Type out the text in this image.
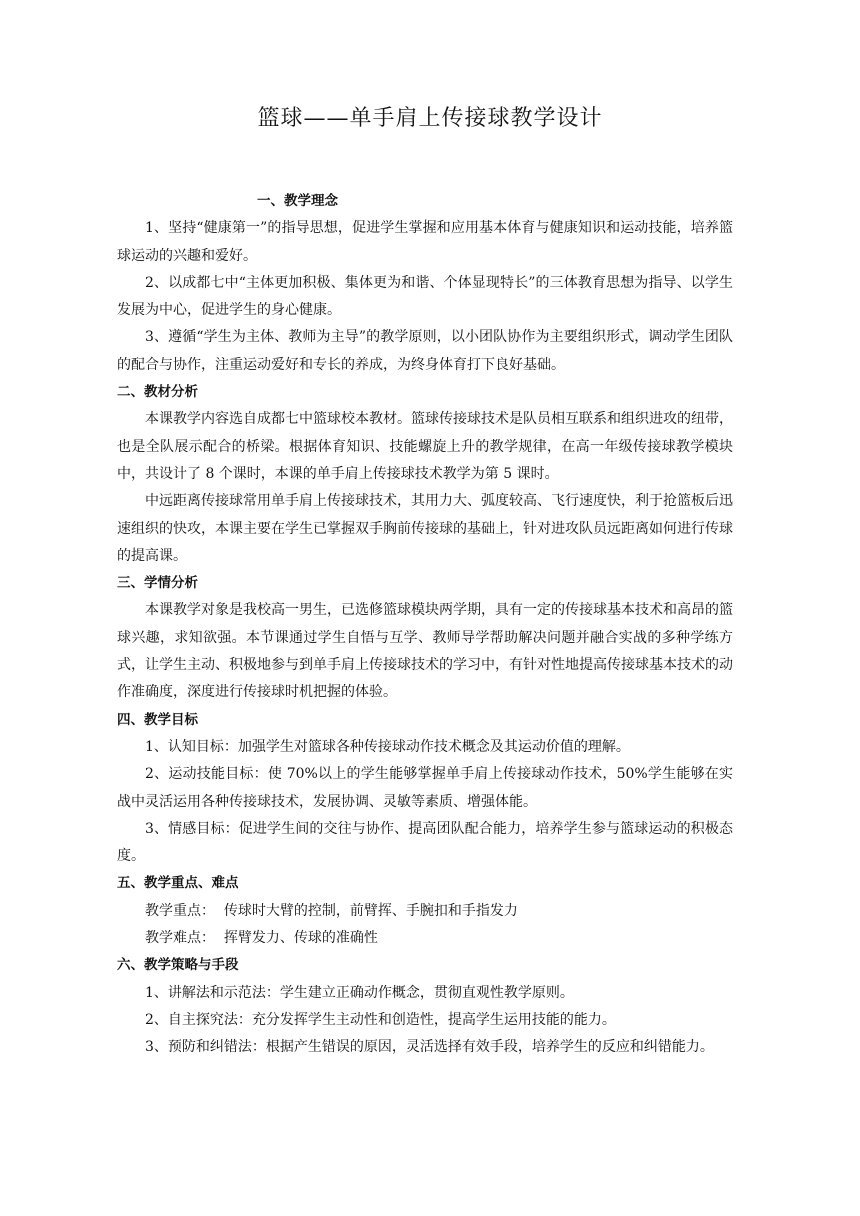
篮球——单手肩上传接球教学设计

一、教学理念

1、坚持“健康第一”的指导思想，促进学生掌握和应用基本体育与健康知识和运动技能，培养篮球运动的兴趣和爱好。

2、以成都七中“主体更加积极、集体更为和谐、个体显现特长”的三体教育思想为指导、以学生发展为中心，促进学生的身心健康。

3、遵循“学生为主体、教师为主导”的教学原则，以小团队协作为主要组织形式，调动学生团队的配合与协作，注重运动爱好和专长的养成，为终身体育打下良好基础。

二、教材分析

本课教学内容选自成都七中篮球校本教材。篮球传接球技术是队员相互联系和组织进攻的纽带，也是全队展示配合的桥梁。根据体育知识、技能螺旋上升的教学规律，在高一年级传接球教学模块中，共设计了 8 个课时，本课的单手肩上传接球技术教学为第 5 课时。

中远距离传接球常用单手肩上传接球技术，其用力大、弧度较高、飞行速度快，利于抢篮板后迅速组织的快攻，本课主要在学生已掌握双手胸前传接球的基础上，针对进攻队员远距离如何进行传球的提高课。

三、学情分析

本课教学对象是我校高一男生，已选修篮球模块两学期，具有一定的传接球基本技术和高昂的篮球兴趣，求知欲强。本节课通过学生自悟与互学、教师导学帮助解决问题并融合实战的多种学练方式，让学生主动、积极地参与到单手肩上传接球技术的学习中，有针对性地提高传接球基本技术的动作准确度，深度进行传接球时机把握的体验。

四、教学目标

1、认知目标：加强学生对篮球各种传接球动作技术概念及其运动价值的理解。

2、运动技能目标：使 70%以上的学生能够掌握单手肩上传接球动作技术，50%学生能够在实战中灵活运用各种传接球技术，发展协调、灵敏等素质、增强体能。

3、情感目标：促进学生间的交往与协作、提高团队配合能力，培养学生参与篮球运动的积极态度。

五、教学重点、难点

教学重点：  传球时大臂的控制，前臂挥、手腕扣和手指发力

教学难点：  挥臂发力、传球的准确性

六、教学策略与手段

1、讲解法和示范法：学生建立正确动作概念，贯彻直观性教学原则。

2、自主探究法：充分发挥学生主动性和创造性，提高学生运用技能的能力。

3、预防和纠错法：根据产生错误的原因，灵活选择有效手段，培养学生的反应和纠错能力。
